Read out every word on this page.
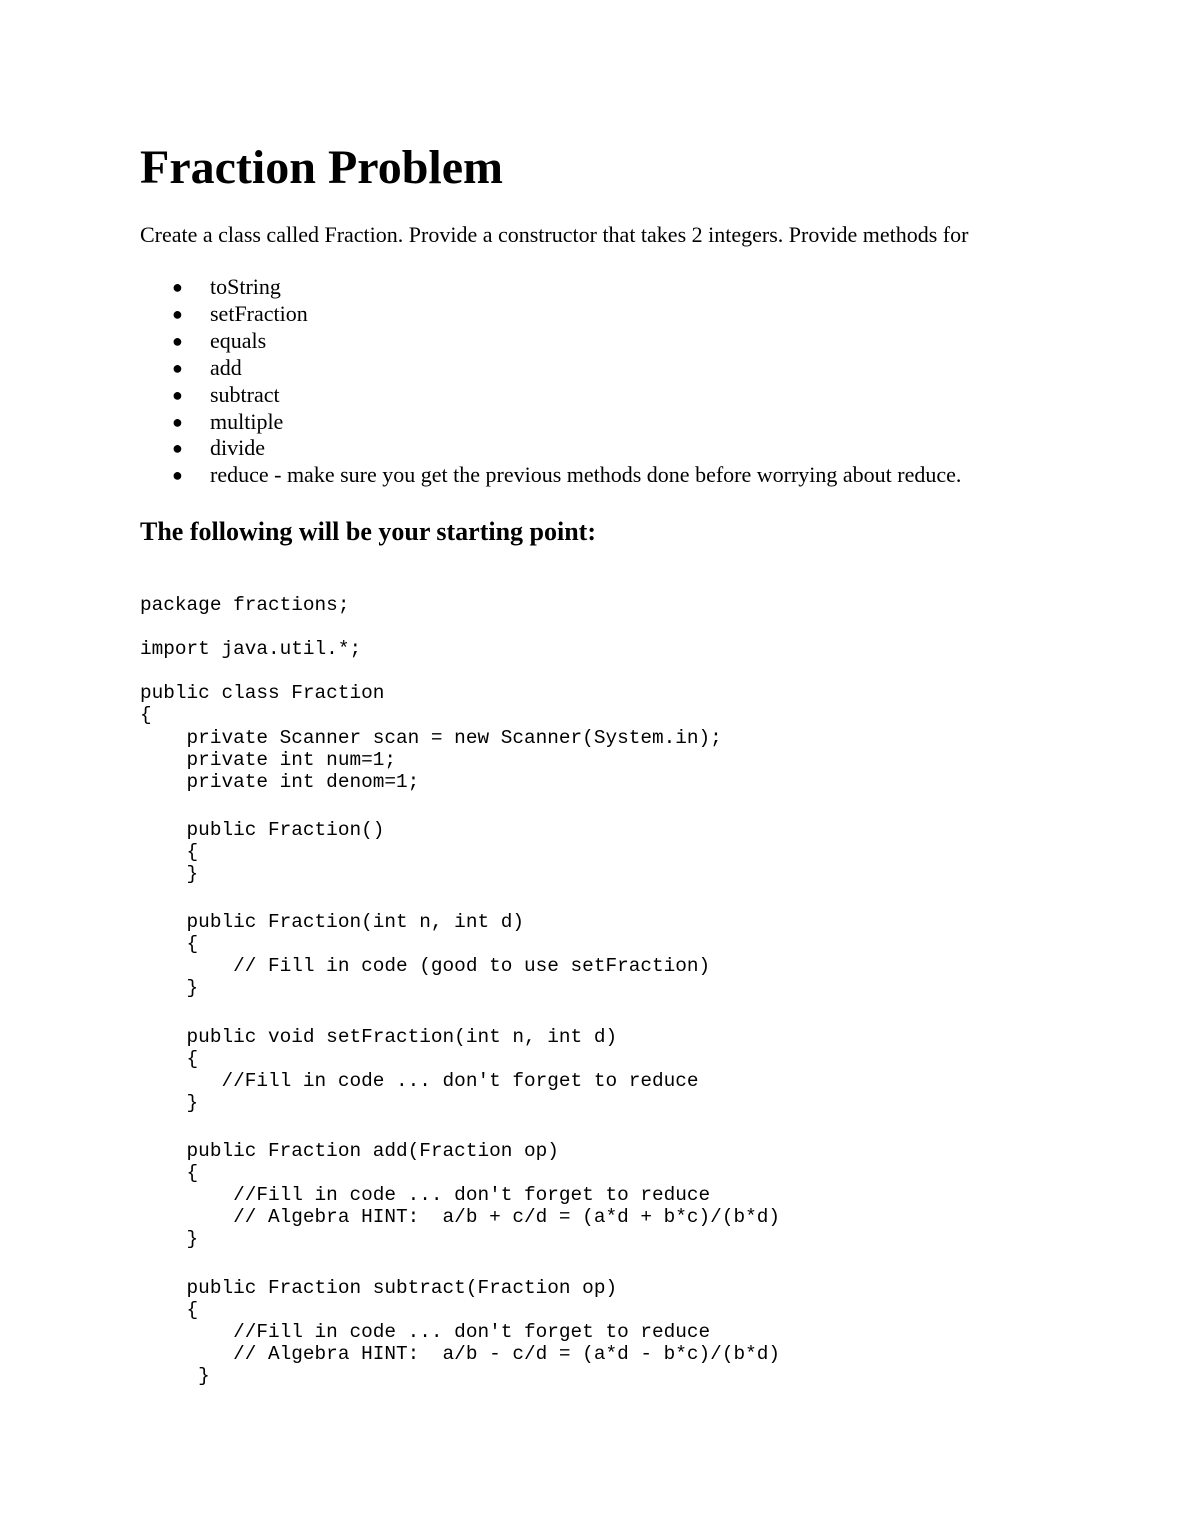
Fraction Problem

Create a class called Fraction. Provide a constructor that takes 2 integers. Provide methods for

● toString
● setFraction
● equals
● add
● subtract
● multiple
● divide
● reduce - make sure you get the previous methods done before worrying about reduce.
The following will be your starting point:
package fractions;
import java.util.*;
public class Fraction
{
private Scanner scan = new Scanner(System.in);
private int num=1;
private int denom=1;
public Fraction()
{
}
public Fraction(int n, int d)
{
// Fill in code (good to use setFraction)
}
public void setFraction(int n, int d)
{
//Fill in code ... don't forget to reduce
}
public Fraction add(Fraction op)
{
//Fill in code ... don't forget to reduce
// Algebra HINT:  a/b + c/d = (a*d + b*c)/(b*d)
}
public Fraction subtract(Fraction op)
{
//Fill in code ... don't forget to reduce
// Algebra HINT:  a/b - c/d = (a*d - b*c)/(b*d)
}
